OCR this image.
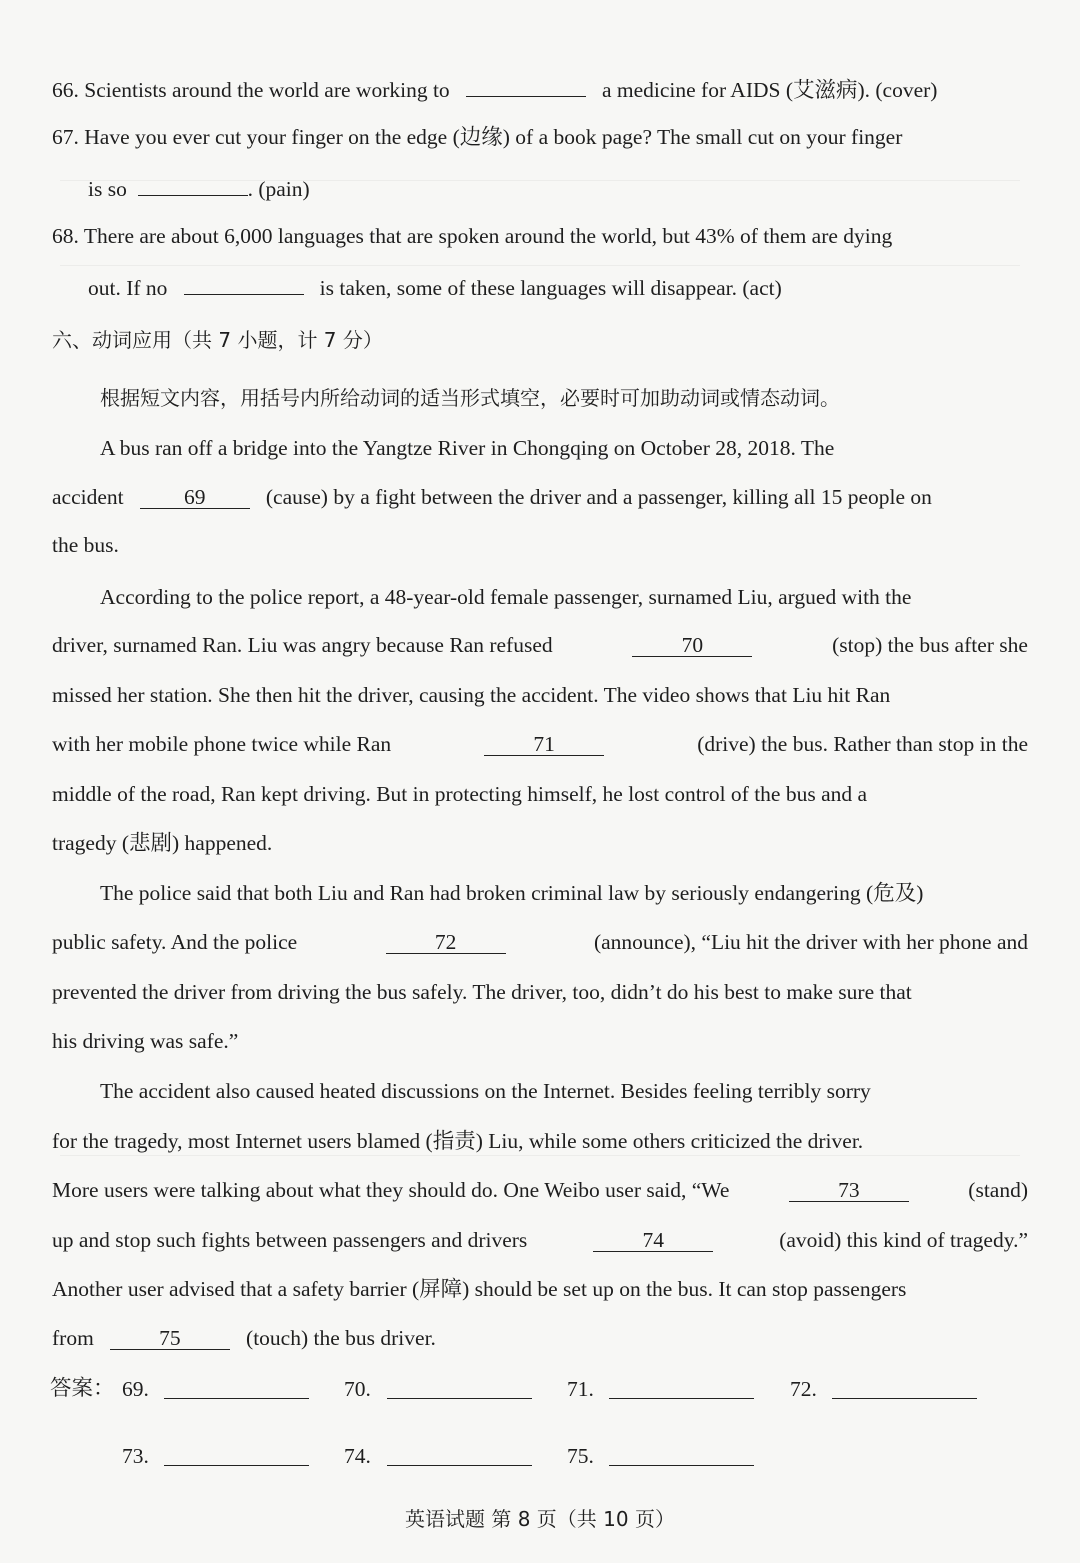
66. Scientists around the world are working to	a medicine for AIDS (艾滋病). (cover)
67. Have you ever cut your finger on the edge (边缘) of a book page? The small cut on your finger
is so	. (pain)
68. There are about 6,000 languages that are spoken around the world, but 43% of them are dying
out. If no	is taken, some of these languages will disappear. (act)
六、动词应用（共 7 小题，计 7 分）
根据短文内容，用括号内所给动词的适当形式填空，必要时可加助动词或情态动词。
A bus ran off a bridge into the Yangtze River in Chongqing on October 28, 2018. The
accident	69	(cause) by a fight between the driver and a passenger, killing all 15 people on
the bus.
According to the police report, a 48-year-old female passenger, surnamed Liu, argued with the
driver, surnamed Ran. Liu was angry because Ran refused	70	(stop) the bus after she
missed her station. She then hit the driver, causing the accident. The video shows that Liu hit Ran
with her mobile phone twice while Ran	71	(drive) the bus. Rather than stop in the
middle of the road, Ran kept driving. But in protecting himself, he lost control of the bus and a
tragedy (悲剧) happened.
The police said that both Liu and Ran had broken criminal law by seriously endangering (危及)
public safety. And the police	72	(announce), “Liu hit the driver with her phone and
prevented the driver from driving the bus safely. The driver, too, didn’t do his best to make sure that
his driving was safe.”
The accident also caused heated discussions on the Internet. Besides feeling terribly sorry
for the tragedy, most Internet users blamed (指责) Liu, while some others criticized the driver.
More users were talking about what they should do. One Weibo user said, “We	73	(stand)
up and stop such fights between passengers and drivers	74	(avoid) this kind of tragedy.”
Another user advised that a safety barrier (屏障) should be set up on the bus. It can stop passengers
from	75	(touch) the bus driver.
答案： 69.	70.	71.	72.
73.	74.	75.
英语试题 第 8 页（共 10 页）
